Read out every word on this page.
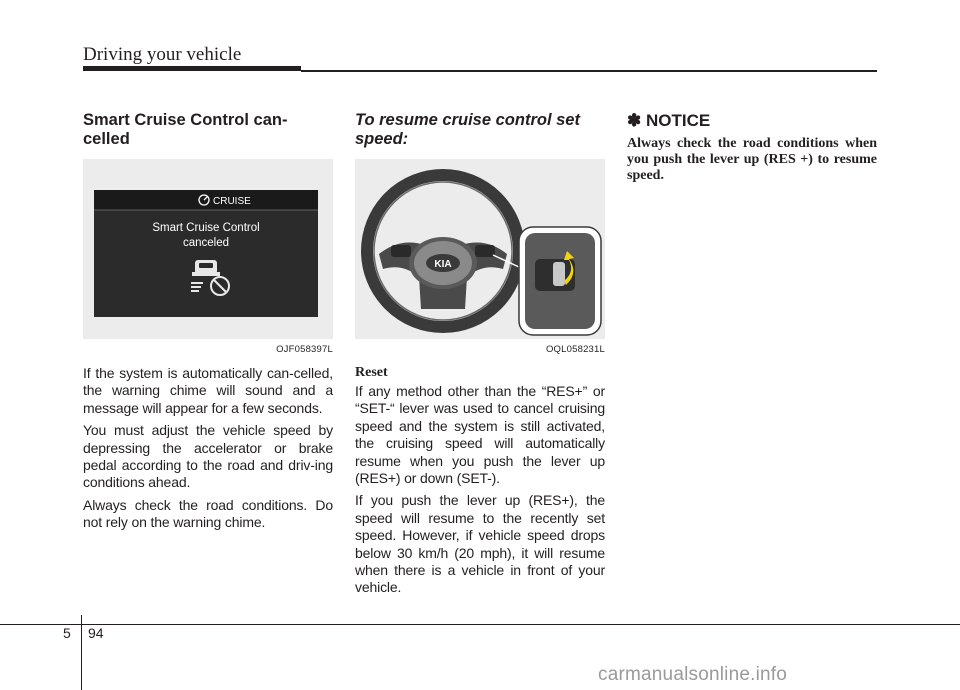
Driving your vehicle
Smart Cruise Control can-
celled
CRUISE
Smart Cruise Control
canceled
OJF058397L

If the system is automatically can-celled, the warning chime will sound and a message will appear for a few seconds.

You must adjust the vehicle speed by depressing the accelerator or brake pedal according to the road and driv-ing conditions ahead.

Always check the road conditions. Do not rely on the warning chime.

To resume cruise control set speed:
KIA
OQL058231L

Reset

If any method other than the “RES+” or “SET-“ lever was used to cancel cruising speed and the system is still activated, the cruising speed will automatically resume when you push the lever up (RES+) or down (SET-).

If you push the lever up (RES+), the speed will resume to the recently set speed. However, if vehicle speed drops below 30 km/h (20 mph), it will resume when there is a vehicle in front of your vehicle.

✽ NOTICE

Always check the road conditions when you push the lever up (RES +) to resume speed.

5 94
carmanualsonline.info
